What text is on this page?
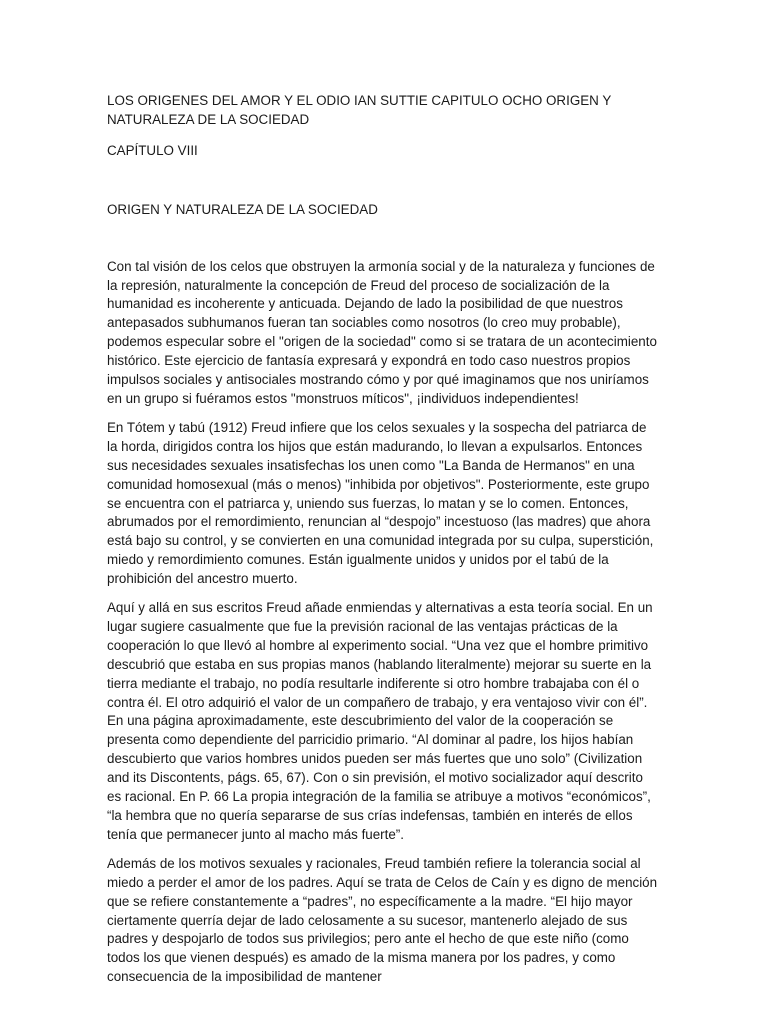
LOS ORIGENES DEL AMOR Y EL ODIO IAN SUTTIE CAPITULO OCHO ORIGEN Y NATURALEZA DE LA SOCIEDAD

CAPÍTULO VIII

ORIGEN Y NATURALEZA DE LA SOCIEDAD

Con tal visión de los celos que obstruyen la armonía social y de la naturaleza y funciones de la represión, naturalmente la concepción de Freud del proceso de socialización de la humanidad es incoherente y anticuada. Dejando de lado la posibilidad de que nuestros antepasados subhumanos fueran tan sociables como nosotros (lo creo muy probable), podemos especular sobre el "origen de la sociedad" como si se tratara de un acontecimiento histórico. Este ejercicio de fantasía expresará y expondrá en todo caso nuestros propios impulsos sociales y antisociales mostrando cómo y por qué imaginamos que nos uniríamos en un grupo si fuéramos estos "monstruos míticos", ¡individuos independientes!

En Tótem y tabú (1912) Freud infiere que los celos sexuales y la sospecha del patriarca de la horda, dirigidos contra los hijos que están madurando, lo llevan a expulsarlos. Entonces sus necesidades sexuales insatisfechas los unen como "La Banda de Hermanos" en una comunidad homosexual (más o menos) "inhibida por objetivos". Posteriormente, este grupo se encuentra con el patriarca y, uniendo sus fuerzas, lo matan y se lo comen. Entonces, abrumados por el remordimiento, renuncian al “despojo” incestuoso (las madres) que ahora está bajo su control, y se convierten en una comunidad integrada por su culpa, superstición, miedo y remordimiento comunes. Están igualmente unidos y unidos por el tabú de la prohibición del ancestro muerto.

Aquí y allá en sus escritos Freud añade enmiendas y alternativas a esta teoría social. En un lugar sugiere casualmente que fue la previsión racional de las ventajas prácticas de la cooperación lo que llevó al hombre al experimento social. “Una vez que el hombre primitivo descubrió que estaba en sus propias manos (hablando literalmente) mejorar su suerte en la tierra mediante el trabajo, no podía resultarle indiferente si otro hombre trabajaba con él o contra él. El otro adquirió el valor de un compañero de trabajo, y era ventajoso vivir con él”. En una página aproximadamente, este descubrimiento del valor de la cooperación se presenta como dependiente del parricidio primario. “Al dominar al padre, los hijos habían descubierto que varios hombres unidos pueden ser más fuertes que uno solo” (Civilization and its Discontents, págs. 65, 67). Con o sin previsión, el motivo socializador aquí descrito es racional. En P. 66 La propia integración de la familia se atribuye a motivos “económicos”, “la hembra que no quería separarse de sus crías indefensas, también en interés de ellos tenía que permanecer junto al macho más fuerte”.

Además de los motivos sexuales y racionales, Freud también refiere la tolerancia social al miedo a perder el amor de los padres. Aquí se trata de Celos de Caín y es digno de mención que se refiere constantemente a “padres”, no específicamente a la madre. “El hijo mayor ciertamente querría dejar de lado celosamente a su sucesor, mantenerlo alejado de sus padres y despojarlo de todos sus privilegios; pero ante el hecho de que este niño (como todos los que vienen después) es amado de la misma manera por los padres, y como consecuencia de la imposibilidad de mantener
